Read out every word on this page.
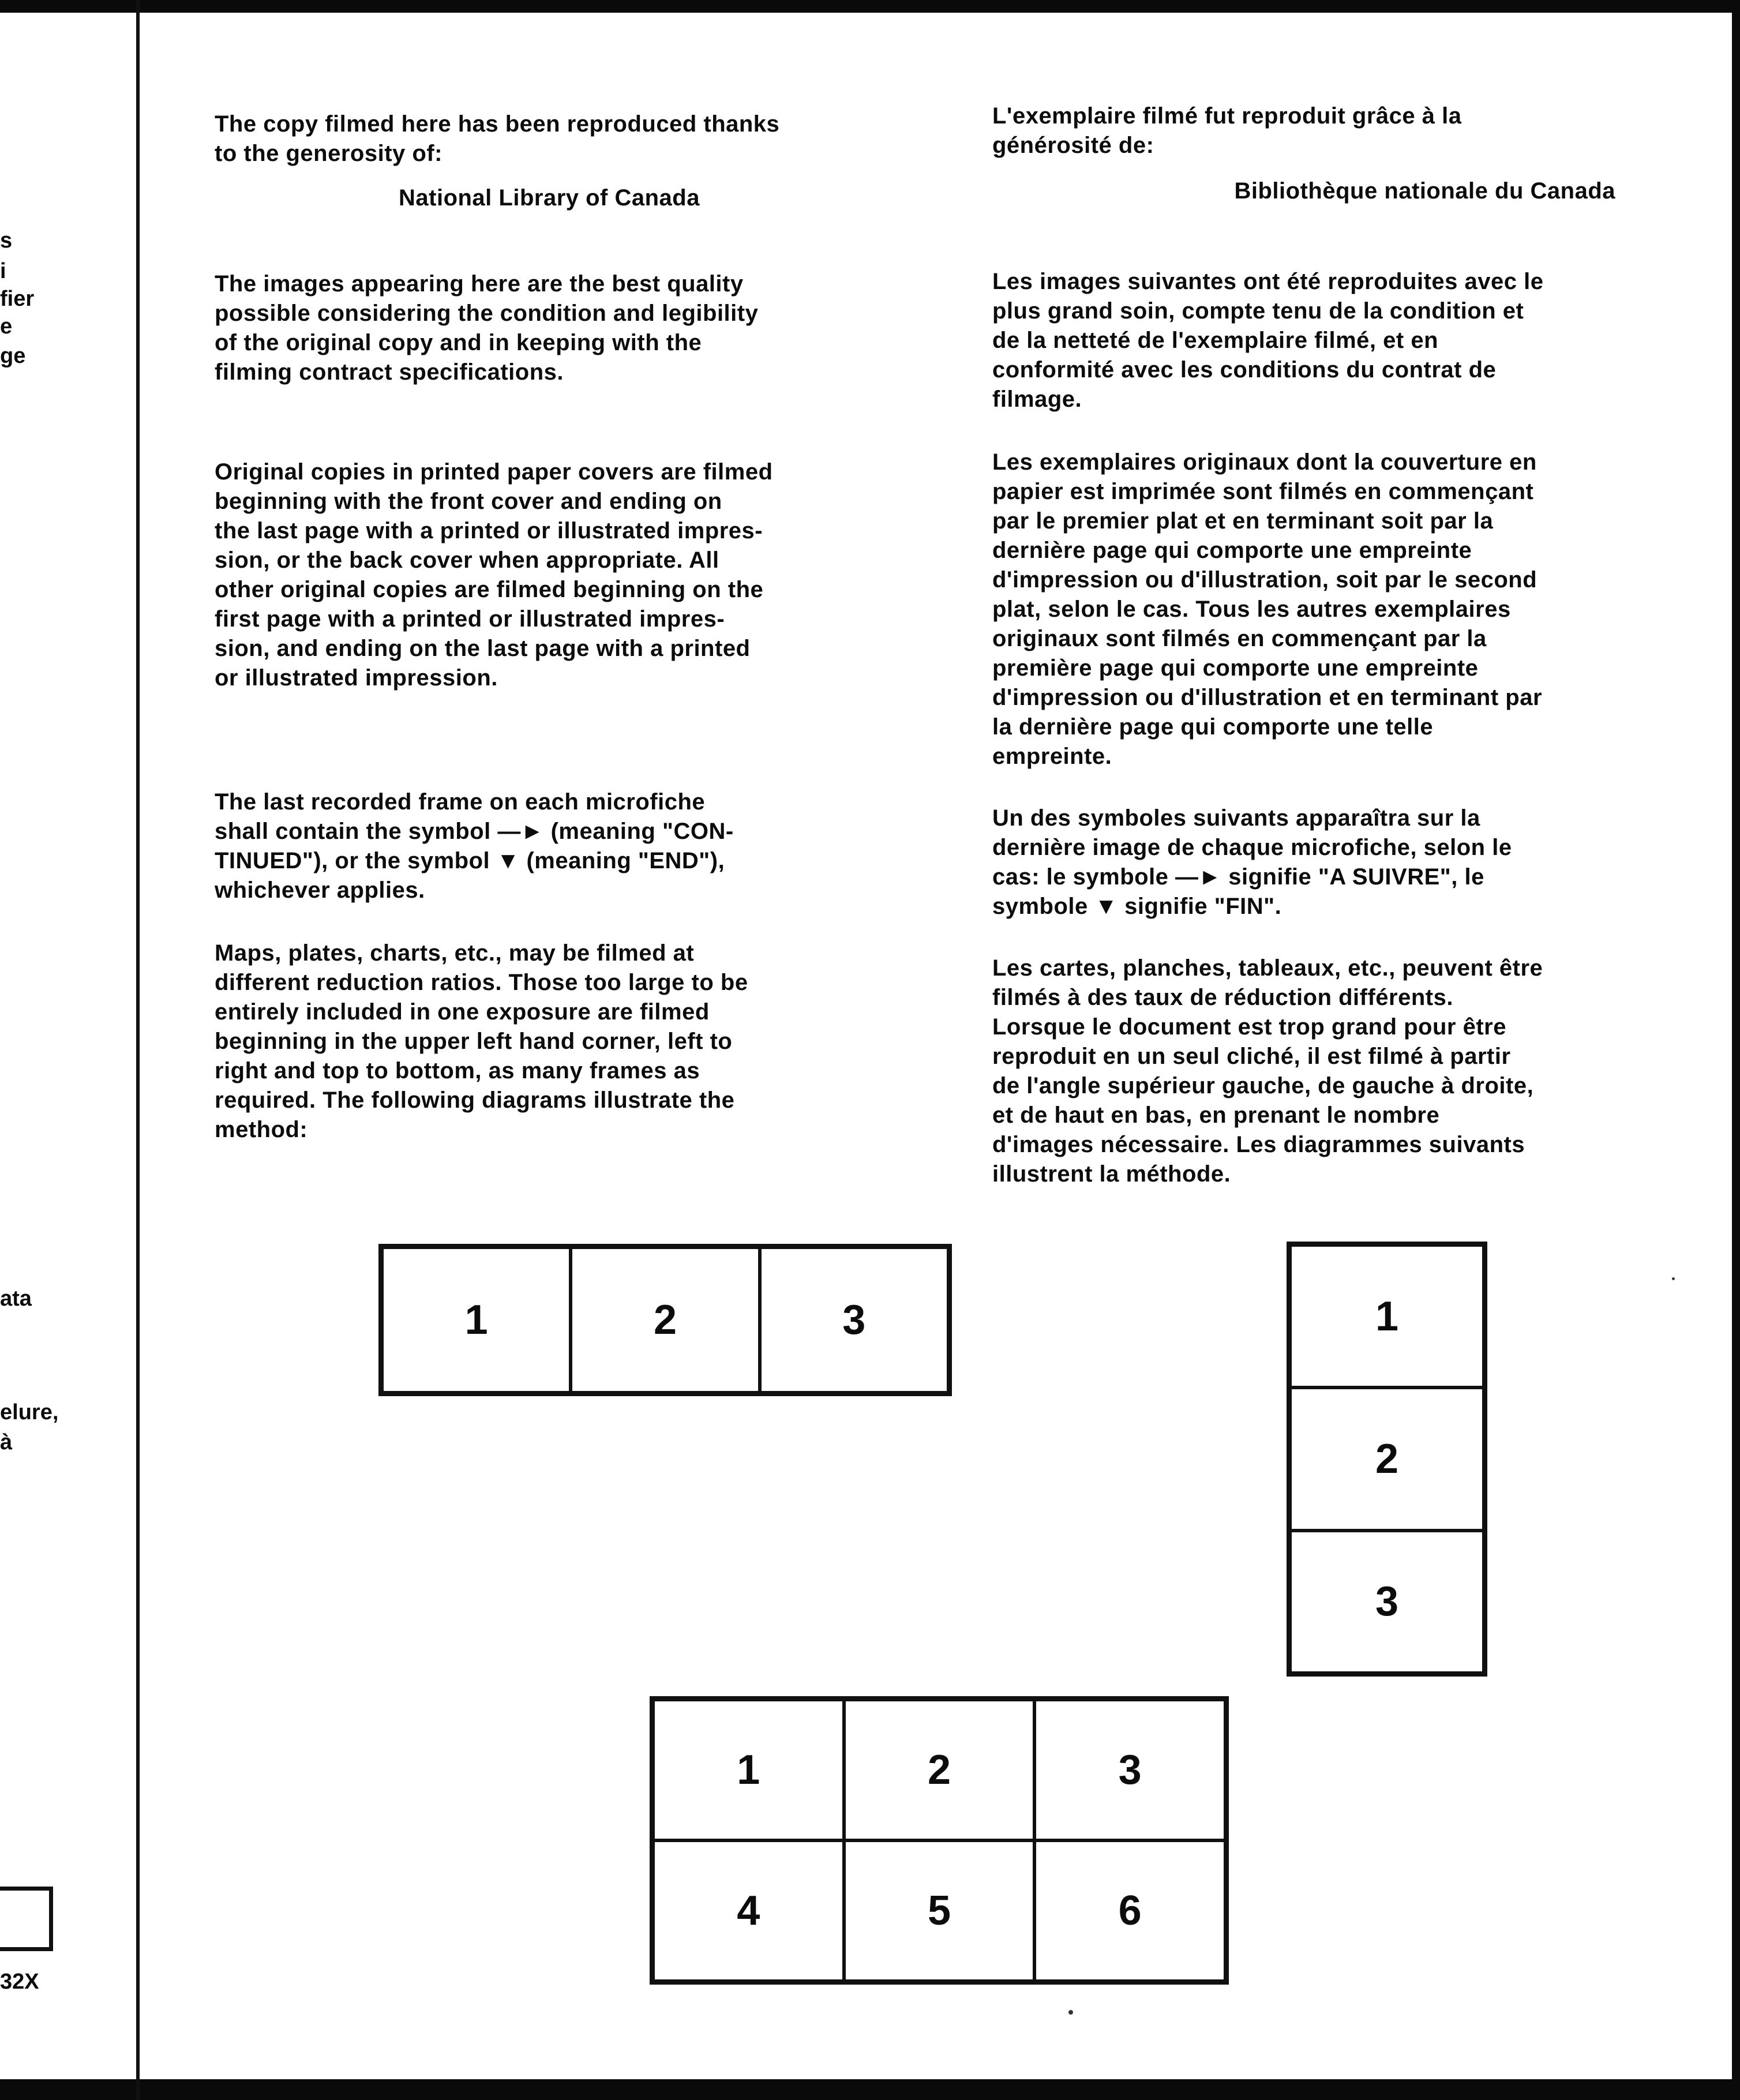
s
i
fier
e
ge
ata
elure,
à
32X

The copy filmed here has been reproduced thanks
to the generosity of:

National Library of Canada

The images appearing here are the best quality
possible considering the condition and legibility
of the original copy and in keeping with the
filming contract specifications.

Original copies in printed paper covers are filmed
beginning with the front cover and ending on
the last page with a printed or illustrated impres-
sion, or the back cover when appropriate. All
other original copies are filmed beginning on the
first page with a printed or illustrated impres-
sion, and ending on the last page with a printed
or illustrated impression.

The last recorded frame on each microfiche
shall contain the symbol —► (meaning "CON-
TINUED"), or the symbol ▼ (meaning "END"),
whichever applies.

Maps, plates, charts, etc., may be filmed at
different reduction ratios. Those too large to be
entirely included in one exposure are filmed
beginning in the upper left hand corner, left to
right and top to bottom, as many frames as
required. The following diagrams illustrate the
method:

L'exemplaire filmé fut reproduit grâce à la
générosité de:

Bibliothèque nationale du Canada

Les images suivantes ont été reproduites avec le
plus grand soin, compte tenu de la condition et
de la netteté de l'exemplaire filmé, et en
conformité avec les conditions du contrat de
filmage.

Les exemplaires originaux dont la couverture en
papier est imprimée sont filmés en commençant
par le premier plat et en terminant soit par la
dernière page qui comporte une empreinte
d'impression ou d'illustration, soit par le second
plat, selon le cas. Tous les autres exemplaires
originaux sont filmés en commençant par la
première page qui comporte une empreinte
d'impression ou d'illustration et en terminant par
la dernière page qui comporte une telle
empreinte.

Un des symboles suivants apparaîtra sur la
dernière image de chaque microfiche, selon le
cas: le symbole —► signifie "A SUIVRE", le
symbole ▼ signifie "FIN".

Les cartes, planches, tableaux, etc., peuvent être
filmés à des taux de réduction différents.
Lorsque le document est trop grand pour être
reproduit en un seul cliché, il est filmé à partir
de l'angle supérieur gauche, de gauche à droite,
et de haut en bas, en prenant le nombre
d'images nécessaire. Les diagrammes suivants
illustrent la méthode.

1	2	3	1
2
3
1	2	3
4	5	6
